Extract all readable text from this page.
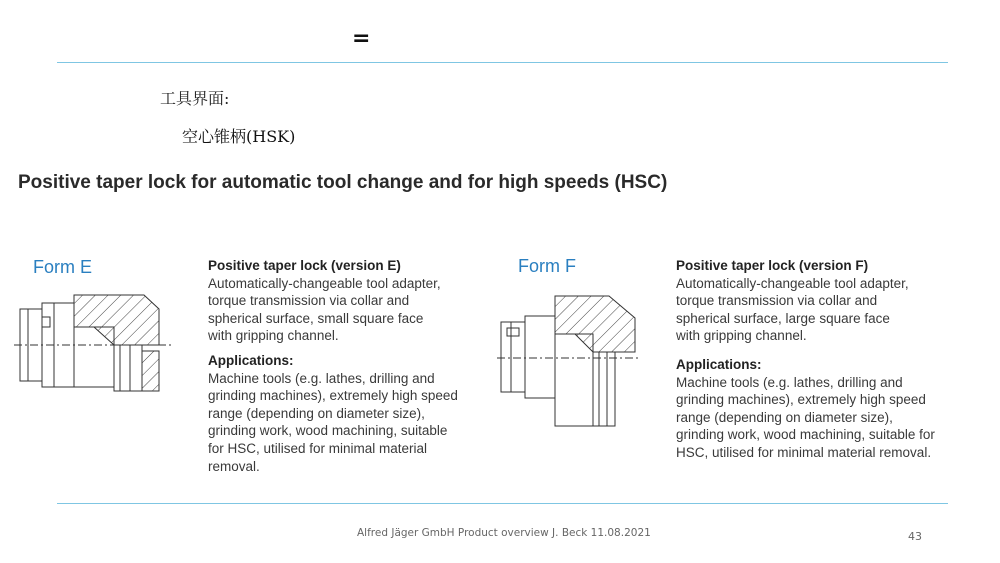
=
工具界面:
空心锥柄(HSK)
Positive taper lock for automatic tool change and for high speeds (HSC)
Form E	Positive taper lock (version E)
Automatically-changeable tool adapter,
torque transmission via collar and
spherical surface, small square face
with gripping channel.
Applications:
Machine tools (e.g. lathes, drilling and
grinding machines), extremely high speed
range (depending on diameter size),
grinding work, wood machining, suitable
for HSC, utilised for minimal material
removal.
Form F	Positive taper lock (version F)
Automatically-changeable tool adapter,
torque transmission via collar and
spherical surface, large square face
with gripping channel.
Applications:
Machine tools (e.g. lathes, drilling and
grinding machines), extremely high speed
range (depending on diameter size),
grinding work, wood machining, suitable for
HSC, utilised for minimal material removal.
Alfred Jäger GmbH Product overview J. Beck 11.08.2021	43
